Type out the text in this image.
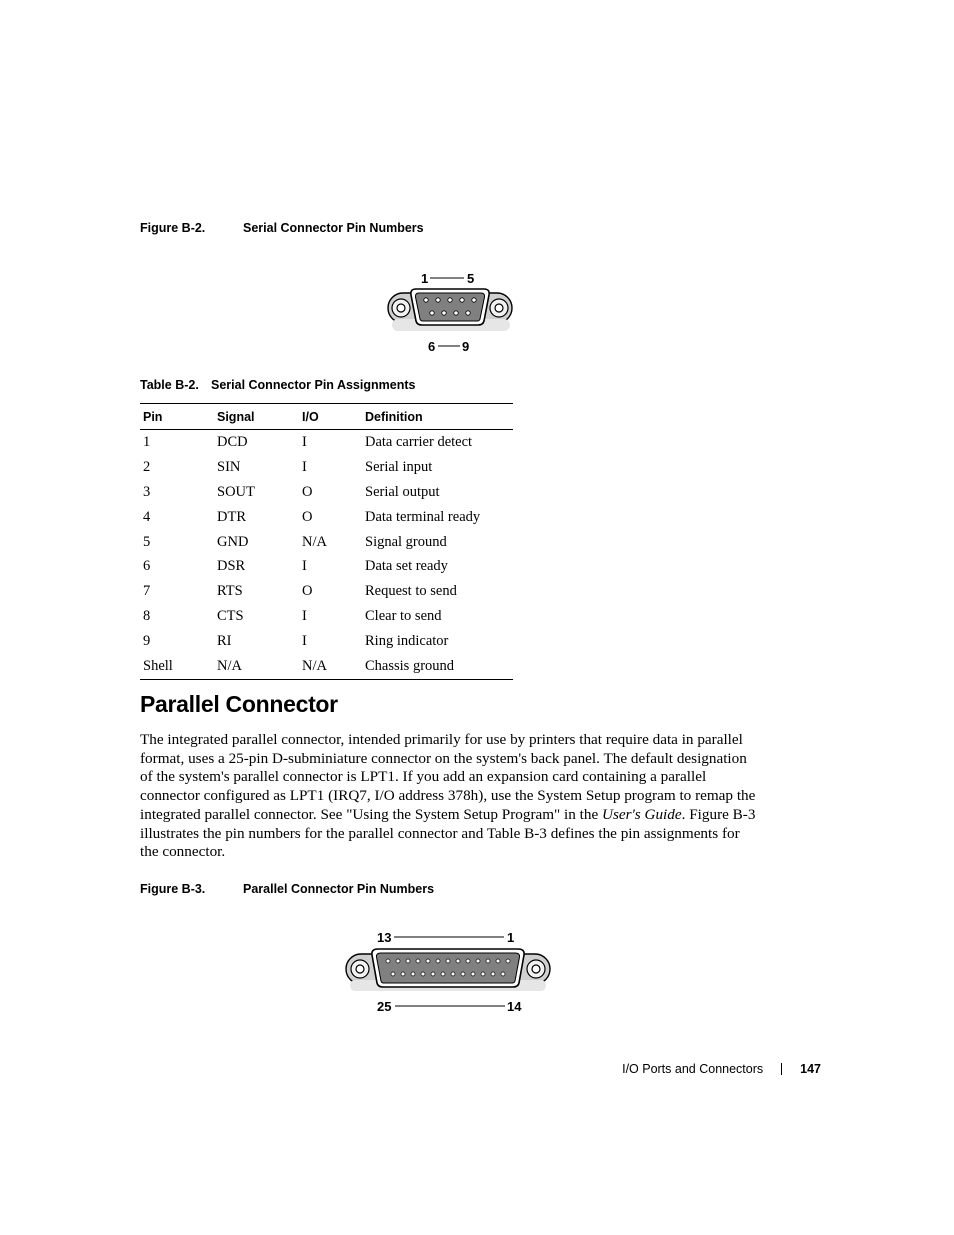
Figure B-2.	Serial Connector Pin Numbers
1	5
6 9
Table B-2. Serial Connector Pin Assignments
Pin	Signal	I/O	Definition
1	DCD	I	Data carrier detect
2	SIN	I	Serial input
3	SOUT	O	Serial output
4	DTR	O	Data terminal ready
5	GND	N/A	Signal ground
6	DSR	I	Data set ready
7	RTS	O	Request to send
8	CTS	I	Clear to send
9	RI	I	Ring indicator
Shell	N/A	N/A	Chassis ground
Parallel Connector

The integrated parallel connector, intended primarily for use by printers that require data in parallel format, uses a 25-pin D-subminiature connector on the system's back panel. The default designation of the system's parallel connector is LPT1. If you add an expansion card containing a parallel connector configured as LPT1 (IRQ7, I/O address 378h), use the System Setup program to remap the integrated parallel connector. See "Using the System Setup Program" in the User's Guide. Figure B-3 illustrates the pin numbers for the parallel connector and Table B-3 defines the pin assignments for the connector.

Figure B-3.	Parallel Connector Pin Numbers
13	1
25	14
I/O Ports and Connectors	147
